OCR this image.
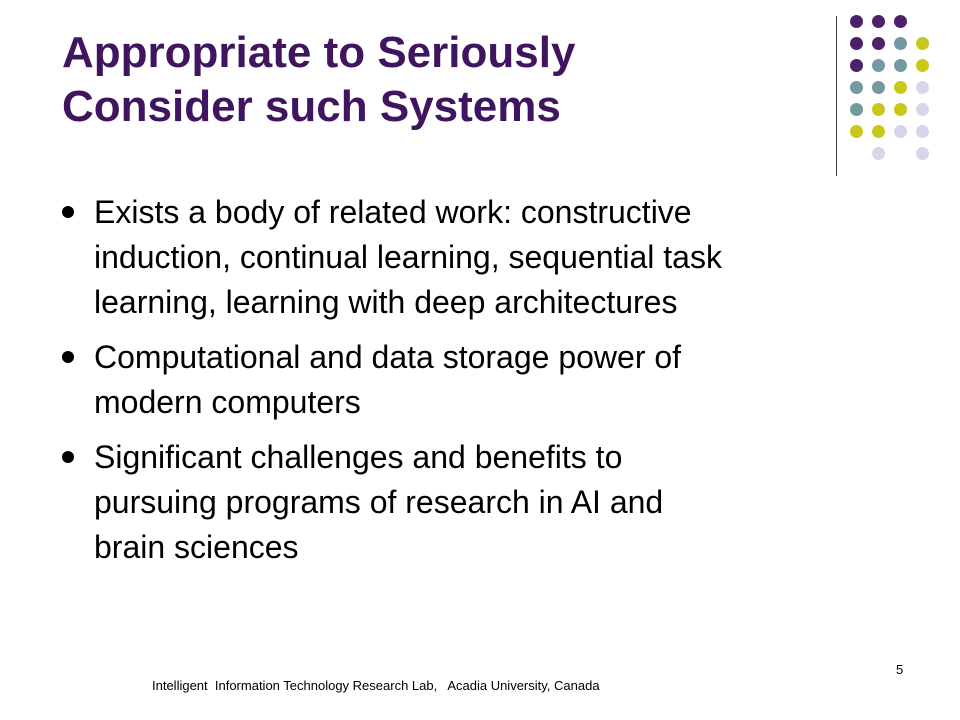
Appropriate to Seriously
Consider such Systems
Exists a body of related work: constructive
induction, continual learning, sequential task
learning, learning with deep architectures
Computational and data storage power of
modern computers
Significant challenges and benefits to
pursuing programs of research in AI and
brain sciences
Intelligent  Information Technology Research Lab,   Acadia University, Canada
5
